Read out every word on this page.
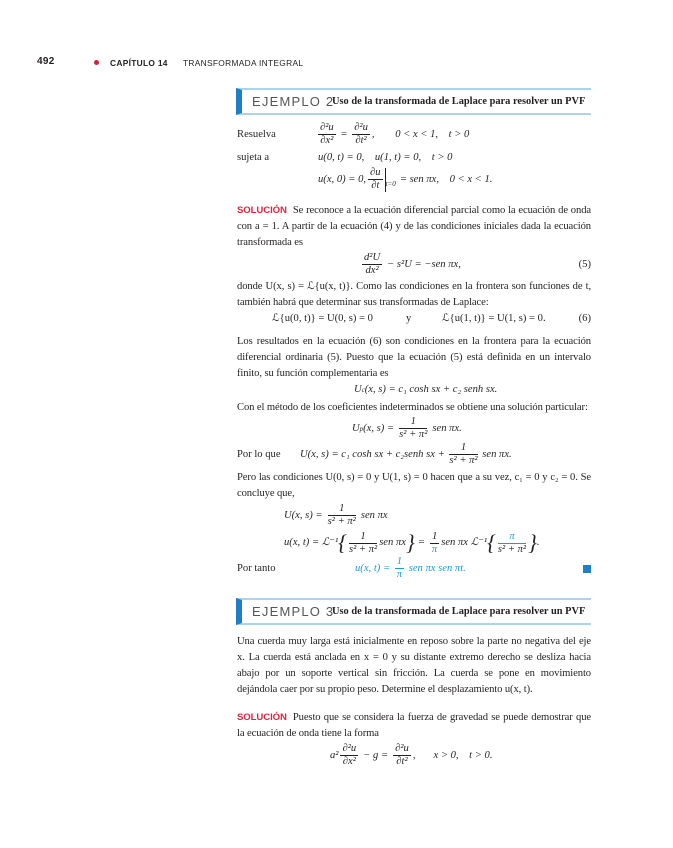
492	CAPÍTULO 14 TRANSFORMADA INTEGRAL
EJEMPLO 2
Uso de la transformada de Laplace para resolver un PVF
Resuelva	$\frac{\text{∂²u}}{\text{∂x²}} = \frac{\text{∂²u}}{\text{∂t²}}$ , 0 < x < 1,    t > 0
sujeta a	u(0, t) = 0,    u(1, t) = 0,    t > 0
u(x, 0) = 0, $\frac{\partial u}{\partial t} _{t=0}$ = sen πx,    0 < x < 1.
SOLUCIÓN Se reconoce a la ecuación diferencial parcial como la ecuación de onda con a = 1. A partir de la ecuación (4) y de las condiciones iniciales dada la ecuación transformada es
$\frac{\text{d²U}}{\text{dx²}} - s^2U = -sen$ πx,	(5)
donde U(x, s) = ℒ{u(x, t)}. Como las condiciones en la frontera son funciones de t, también habrá que determinar sus transformadas de Laplace:
ℒ{u(0, t)} = U(0, s) = 0	y	ℒ{u(1, t)} = U(1, s) = 0.	(6)
Los resultados en la ecuación (6) son condiciones en la frontera para la ecuación diferencial ordinaria (5). Puesto que la ecuación (5) está definida en un intervalo finito, su función complementaria es
U c (x, s) = c₁ cosh sx + c₂ senh sx.
Con el método de los coeficientes indeterminados se obtiene una solución particular:
U p (x, $s) = \frac{1}{\text{s² + π²}}$ sen πx.
Por lo que	U(x, s) = c₁ cosh sx + c₂senh sx + $\frac{1}{\text{s² + π²}}$ sen πx.
Pero las condiciones U(0, s) = 0 y U(1, s) = 0 hacen que a su vez, c₁ = 0 y c₂ = 0. Se concluye que,
U(x, $s) = \frac{1}{\text{s² + π²}}$ sen πx
u(x, t) = ℒ⁻¹ { $\frac{1}{\text{s² + π²}}$ sen πx } = $\frac{1}{\pi}$ sen πx ℒ⁻¹ { $\frac{\pi}{\text{s² + π²}}$ } .
Por tanto	u(x, $t) = \frac{1}{\pi}$ sen πx sen πt.
EJEMPLO 3
Uso de la transformada de Laplace para resolver un PVF
Una cuerda muy larga está inicialmente en reposo sobre la parte no negativa del eje x. La cuerda está anclada en x = 0 y su distante extremo derecho se desliza hacia abajo por un soporte vertical sin fricción. La cuerda se pone en movimiento dejándola caer por su propio peso. Determine el desplazamiento u(x, t).
SOLUCIÓN Puesto que se considera la fuerza de gravedad se puede demostrar que la ecuación de onda tiene la forma
$a^2 \frac{\text{∂²u}}{\text{∂x²}} - g = \frac{\text{∂²u}}{\text{∂t²}}$ , x > 0,    t > 0.
